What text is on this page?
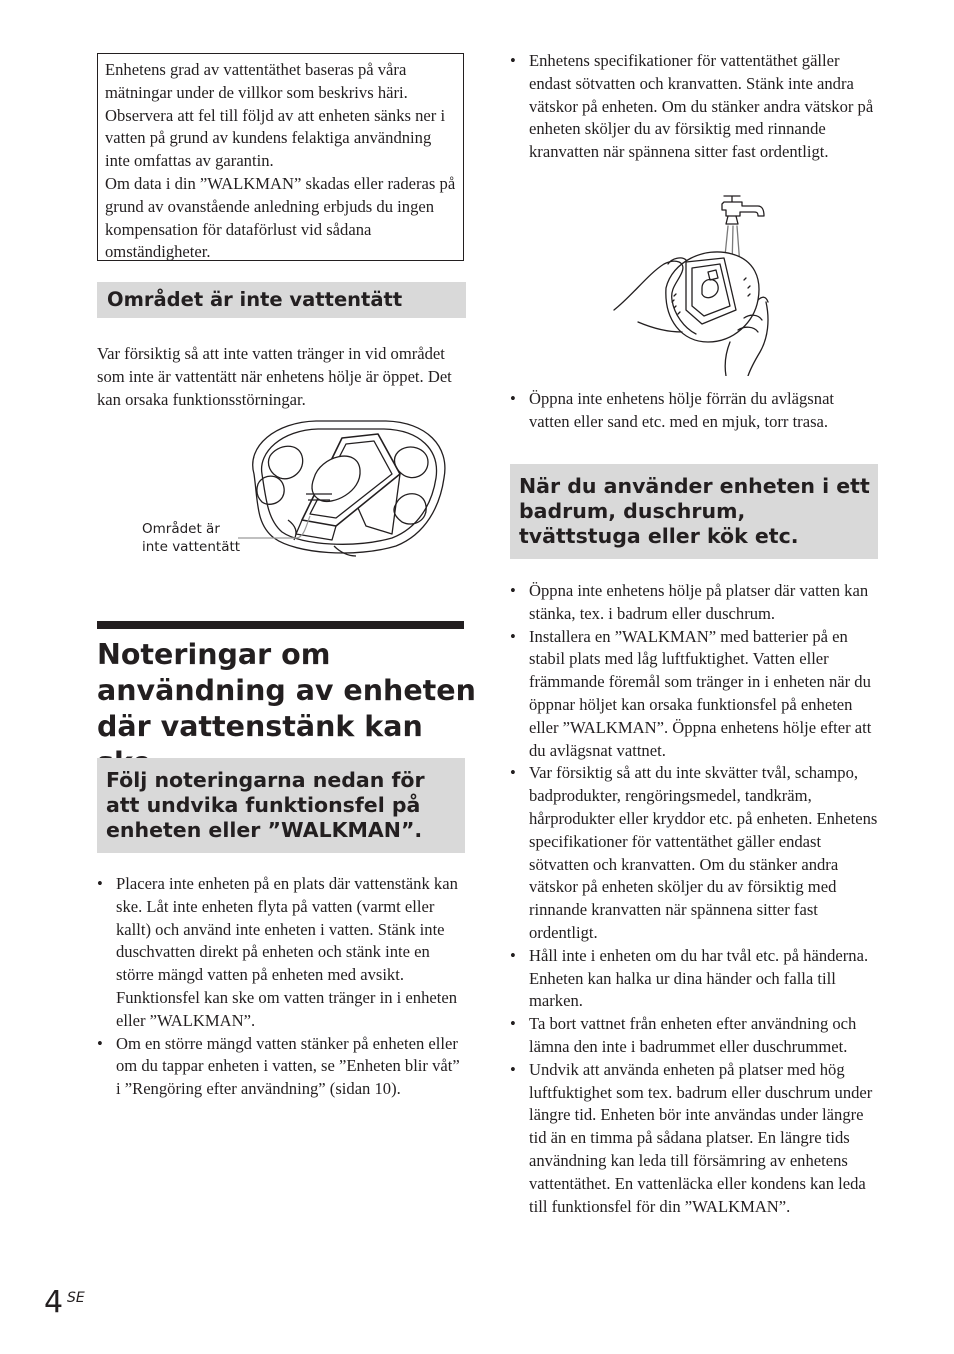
Enhetens grad av vattentäthet baseras på våra mätningar under de villkor som beskrivs häri. Observera att fel till följd av att enheten sänks ner i vatten på grund av kundens felaktiga användning inte omfattas av garantin.

Om data i din ”WALKMAN” skadas eller raderas på grund av ovanstående anledning erbjuds du ingen kompensation för dataförlust vid sådana omständigheter.

Området är inte vattentätt

Var försiktig så att inte vatten tränger in vid området som inte är vattentätt när enhetens hölje är öppet. Det kan orsaka funktionsstörningar.

Området är
inte vattentätt
Noteringar om
användning av enheten
där vattenstänk kan
Följ noteringarna nedan för att undvika funktionsfel på enheten eller ”WALKMAN”.
• Placera inte enheten på en plats där vattenstänk kan ske. Låt inte enheten flyta på vatten (varmt eller kallt) och använd inte enheten i vatten. Stänk inte duschvatten direkt på enheten och stänk inte en större mängd vatten på enheten med avsikt. Funktionsfel kan ske om vatten tränger in i enheten eller ”WALKMAN”.
• Om en större mängd vatten stänker på enheten eller om du tappar enheten i vatten, se ”Enheten blir våt” i ”Rengöring efter användning” (sidan 10).
• Enhetens specifikationer för vattentäthet gäller endast sötvatten och kranvatten. Stänk inte andra vätskor på enheten. Om du stänker andra vätskor på enheten sköljer du av försiktig med rinnande kranvatten när spännena sitter fast ordentligt.
• Öppna inte enhetens hölje förrän du avlägsnat vatten eller sand etc. med en mjuk, torr trasa.
När du använder enheten i ett badrum, duschrum, tvättstuga eller kök etc.
• Öppna inte enhetens hölje på platser där vatten kan stänka, tex. i badrum eller duschrum.
• Installera en ”WALKMAN” med batterier på en stabil plats med låg luftfuktighet. Vatten eller främmande föremål som tränger in i enheten när du öppnar höljet kan orsaka funktionsfel på enheten eller ”WALKMAN”. Öppna enhetens hölje efter att du avlägsnat vattnet.
• Var försiktig så att du inte skvätter tvål, schampo, badprodukter, rengöringsmedel, tandkräm, hårprodukter eller kryddor etc. på enheten. Enhetens specifikationer för vattentäthet gäller endast sötvatten och kranvatten. Om du stänker andra vätskor på enheten sköljer du av försiktig med rinnande kranvatten när spännena sitter fast ordentligt.
• Håll inte i enheten om du har tvål etc. på händerna. Enheten kan halka ur dina händer och falla till marken.
• Ta bort vattnet från enheten efter användning och lämna den inte i badrummet eller duschrummet.
• Undvik att använda enheten på platser med hög luftfuktighet som tex. badrum eller duschrum under längre tid. Enheten bör inte användas under längre tid än en timma på sådana platser. En längre tids användning kan leda till försämring av enhetens vattentäthet. En vattenläcka eller kondens kan leda till funktionsfel för din ”WALKMAN”.
4 SE
